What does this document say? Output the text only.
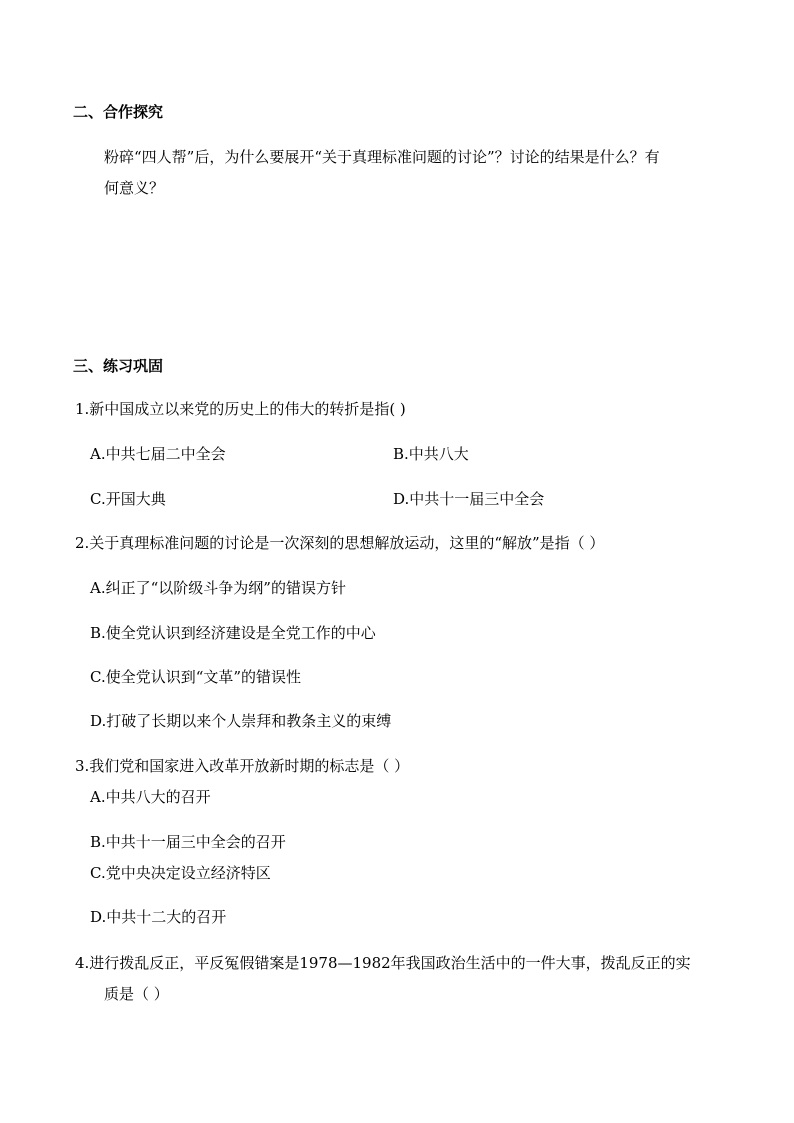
二、合作探究
粉碎“四人帮”后，为什么要展开“关于真理标准问题的讨论”？讨论的结果是什么？有
何意义？
三、练习巩固
1.新中国成立以来党的历史上的伟大的转折是指( )
A.中共七届二中全会	B.中共八大
C.开国大典	D.中共十一届三中全会
2.关于真理标准问题的讨论是一次深刻的思想解放运动，这里的“解放”是指（ ）
A.纠正了“以阶级斗争为纲”的错误方针
B.使全党认识到经济建设是全党工作的中心
C.使全党认识到“文革”的错误性
D.打破了长期以来个人崇拜和教条主义的束缚
3.我们党和国家进入改革开放新时期的标志是（ ）
A.中共八大的召开
B.中共十一届三中全会的召开
C.党中央决定设立经济特区
D.中共十二大的召开
4.进行拨乱反正，平反冤假错案是1978—1982年我国政治生活中的一件大事，拨乱反正的实
质是（ ）
